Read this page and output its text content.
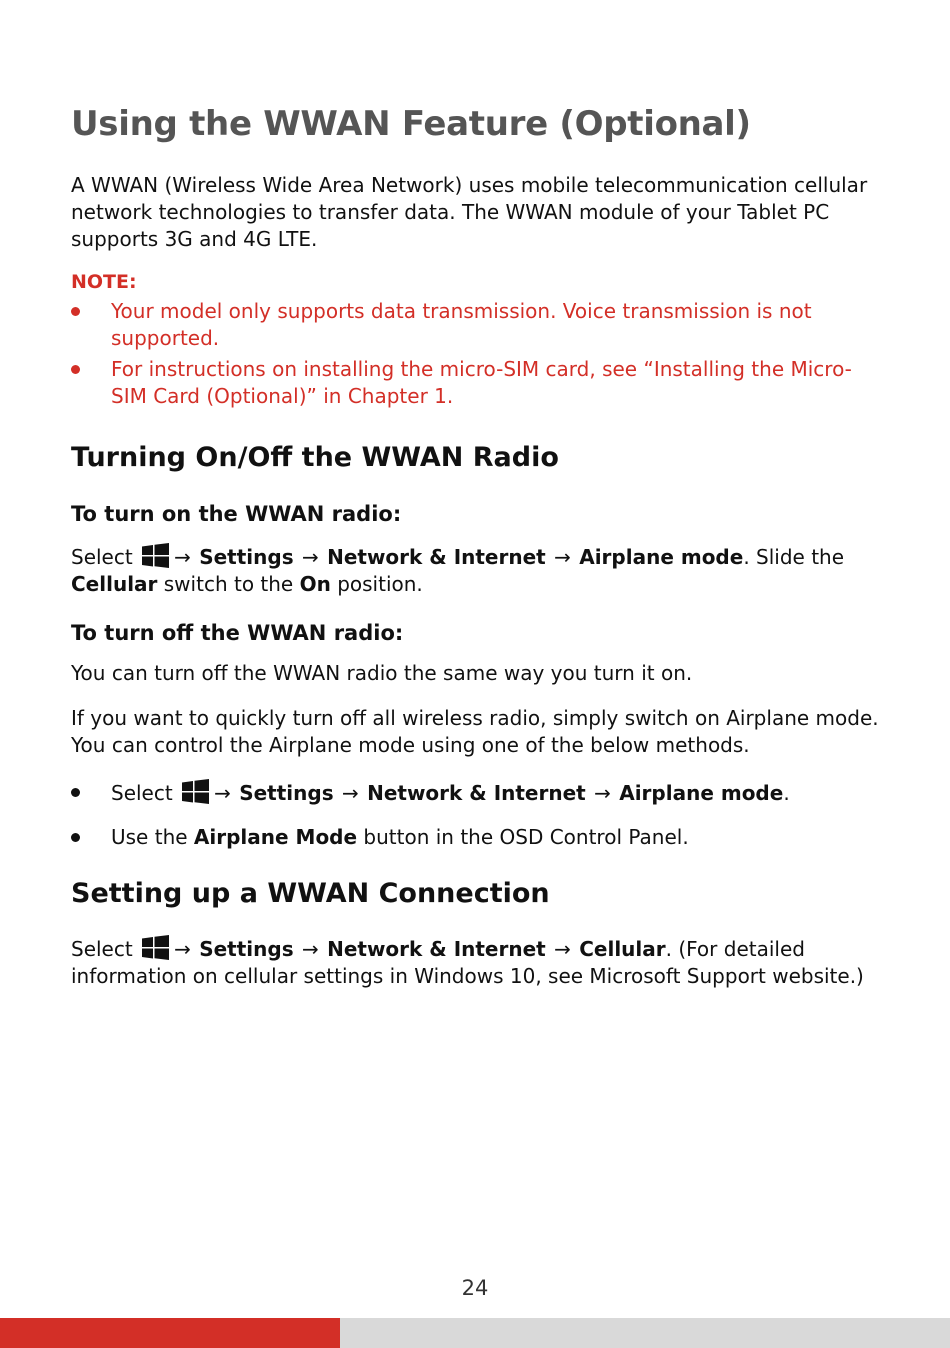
Using the WWAN Feature (Optional)

A WWAN (Wireless Wide Area Network) uses mobile telecommunication cellular network technologies to transfer data. The WWAN module of your Tablet PC supports 3G and 4G LTE.

NOTE:
Your model only supports data transmission. Voice transmission is not supported.
For instructions on installing the micro-SIM card, see “Installing the Micro-SIM Card (Optional)” in Chapter 1.
Turning On/Off the WWAN Radio
To turn on the WWAN radio:

Select → Settings → Network & Internet → Airplane mode. Slide the Cellular switch to the On position.

To turn off the WWAN radio:

You can turn off the WWAN radio the same way you turn it on.

If you want to quickly turn off all wireless radio, simply switch on Airplane mode. You can control the Airplane mode using one of the below methods.

Select → Settings → Network & Internet → Airplane mode.
Use the Airplane Mode button in the OSD Control Panel.
Setting up a WWAN Connection

Select → Settings → Network & Internet → Cellular. (For detailed information on cellular settings in Windows 10, see Microsoft Support website.)

24
